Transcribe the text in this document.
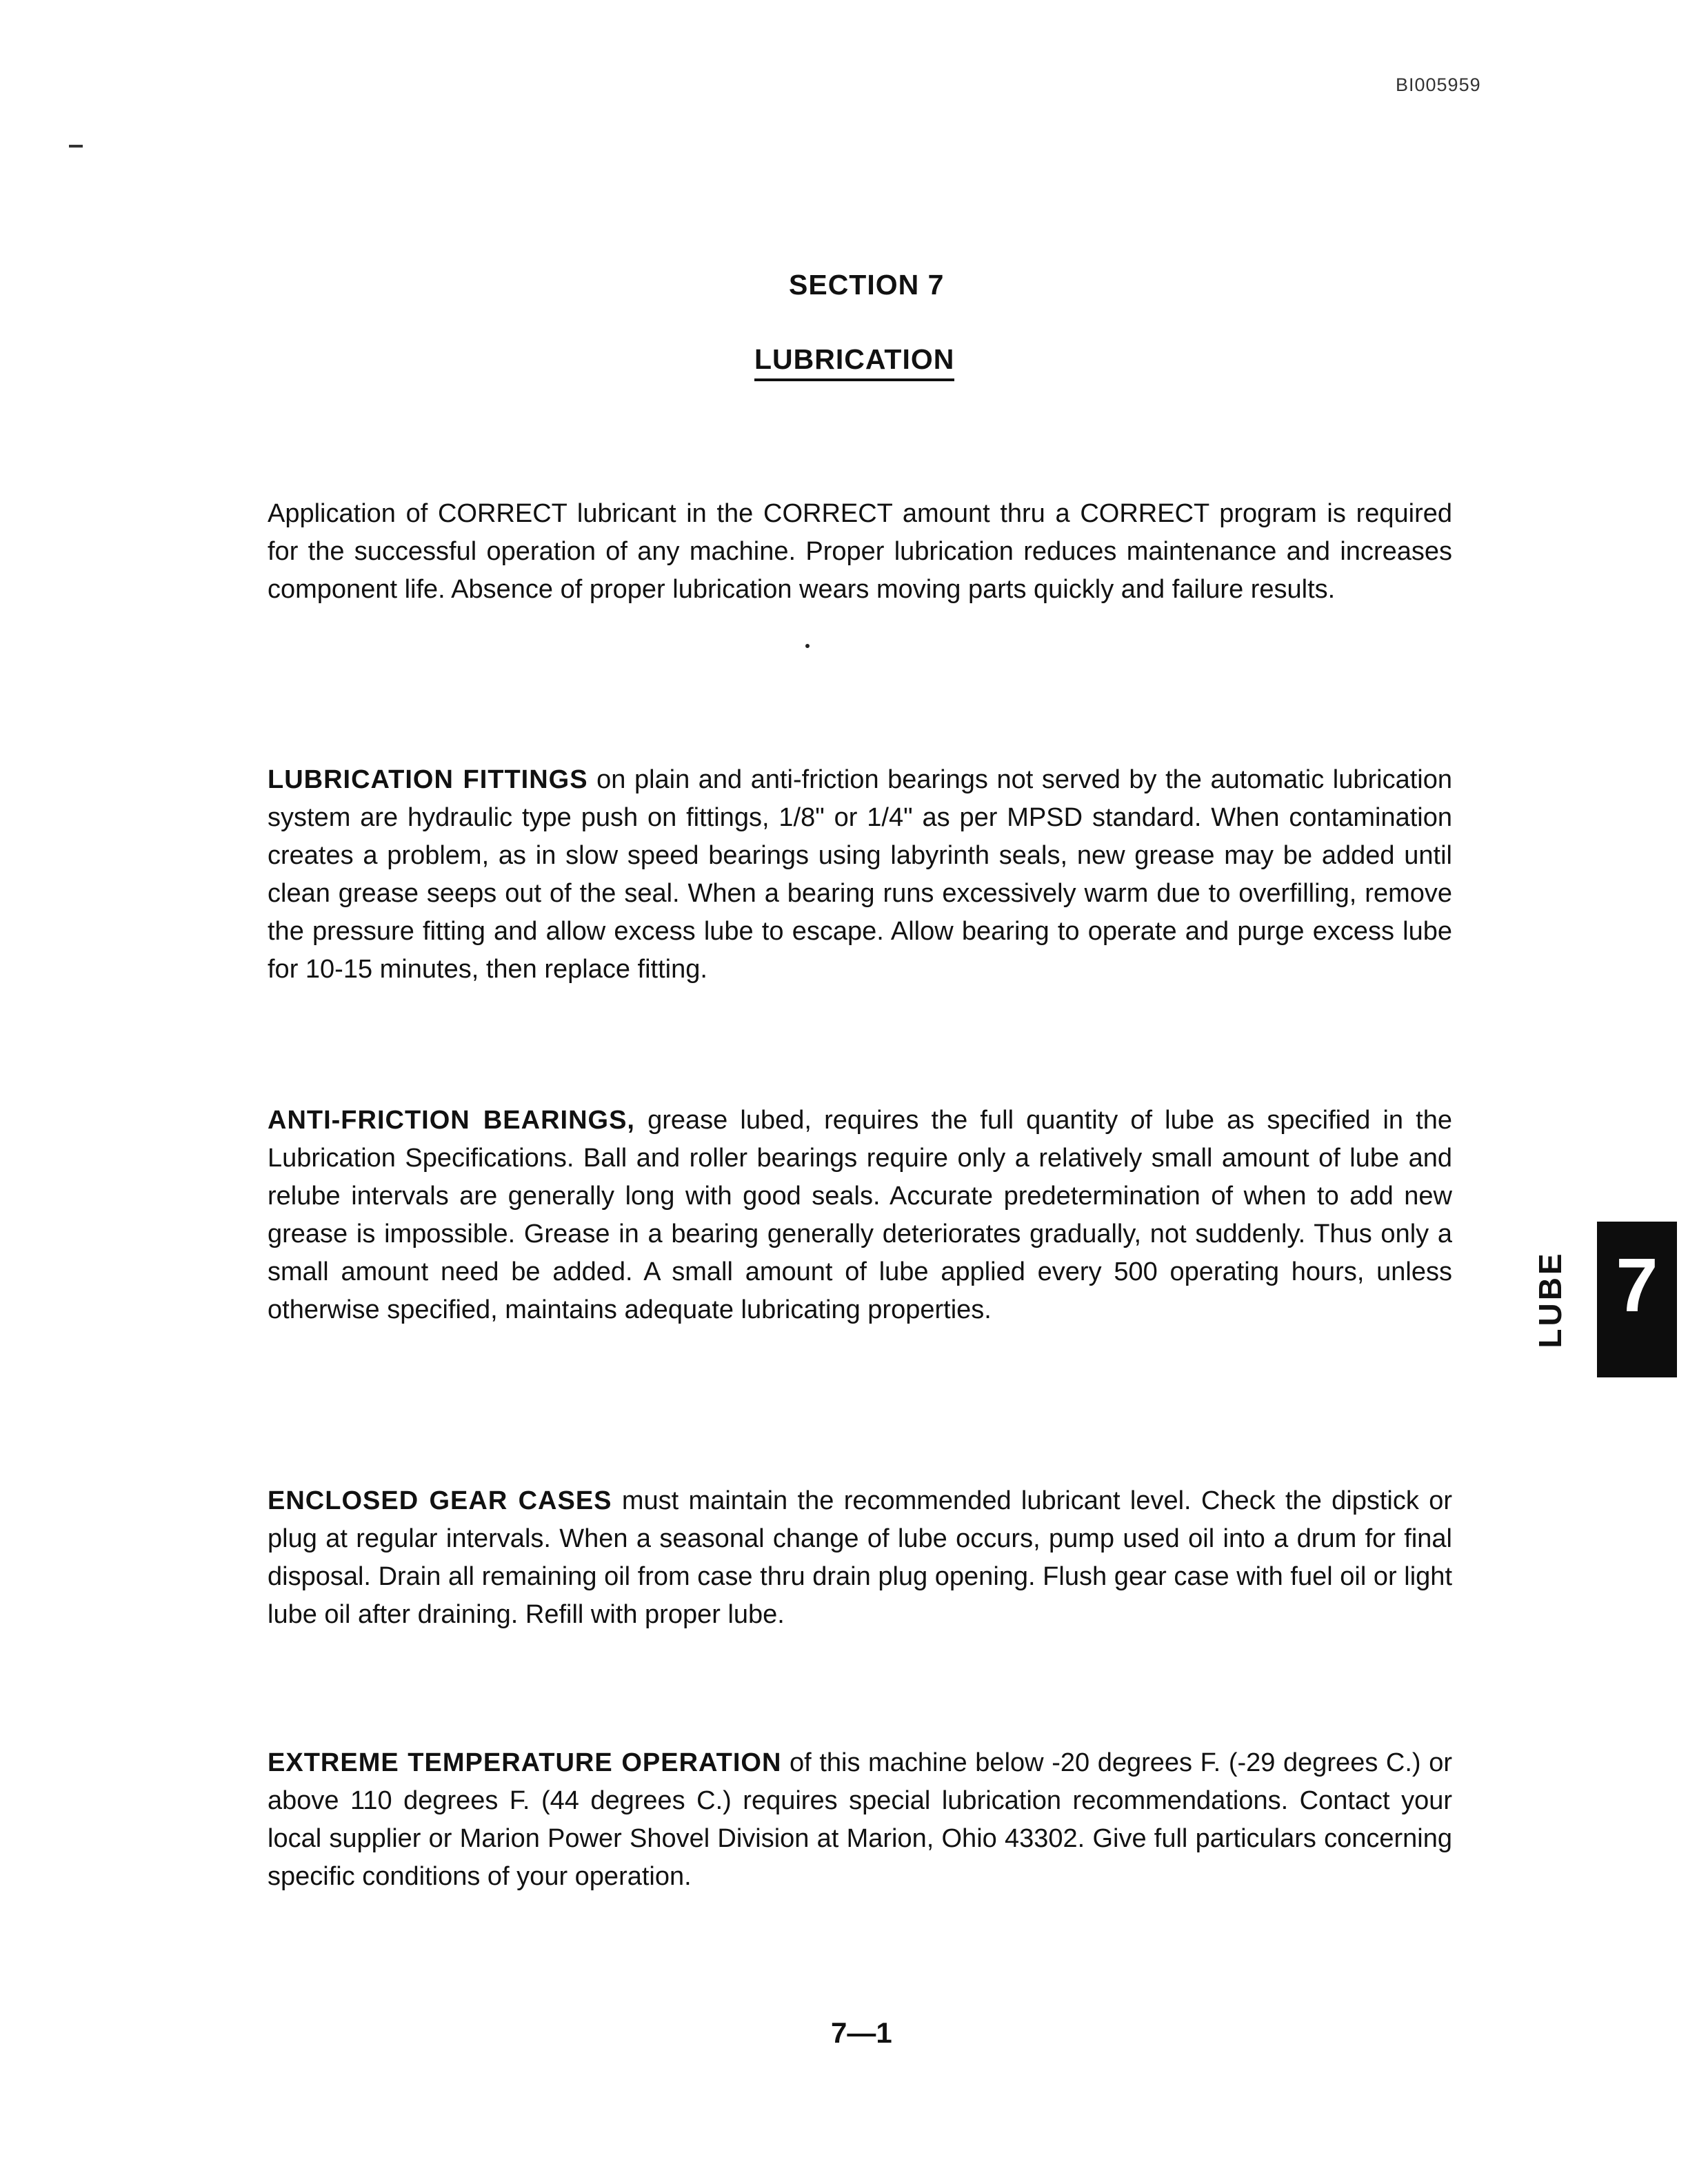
BI005959
SECTION 7
LUBRICATION

Application of CORRECT lubricant in the CORRECT amount thru a CORRECT program is required for the successful operation of any machine. Proper lubrication reduces maintenance and increases component life. Absence of proper lubrication wears moving parts quickly and failure results.

LUBRICATION FITTINGS on plain and anti-friction bearings not served by the automatic lubrication system are hydraulic type push on fittings, 1/8" or 1/4" as per MPSD standard. When contamination creates a problem, as in slow speed bearings using labyrinth seals, new grease may be added until clean grease seeps out of the seal. When a bearing runs excessively warm due to overfilling, remove the pressure fitting and allow excess lube to escape. Allow bearing to operate and purge excess lube for 10-15 minutes, then replace fitting.

ANTI-FRICTION BEARINGS, grease lubed, requires the full quantity of lube as specified in the Lubrication Specifications. Ball and roller bearings require only a relatively small amount of lube and relube intervals are generally long with good seals. Accurate predetermination of when to add new grease is impossible. Grease in a bearing generally deteriorates gradually, not suddenly. Thus only a small amount need be added. A small amount of lube applied every 500 operating hours, unless otherwise specified, maintains adequate lubricating properties.

ENCLOSED GEAR CASES must maintain the recommended lubricant level. Check the dipstick or plug at regular intervals. When a seasonal change of lube occurs, pump used oil into a drum for final disposal. Drain all remaining oil from case thru drain plug opening. Flush gear case with fuel oil or light lube oil after draining. Refill with proper lube.

EXTREME TEMPERATURE OPERATION of this machine below -20 degrees F. (-29 degrees C.) or above 110 degrees F. (44 degrees C.) requires special lubrication recommendations. Contact your local supplier or Marion Power Shovel Division at Marion, Ohio 43302. Give full particulars concerning specific conditions of your operation.

7—1
LUBE 7
